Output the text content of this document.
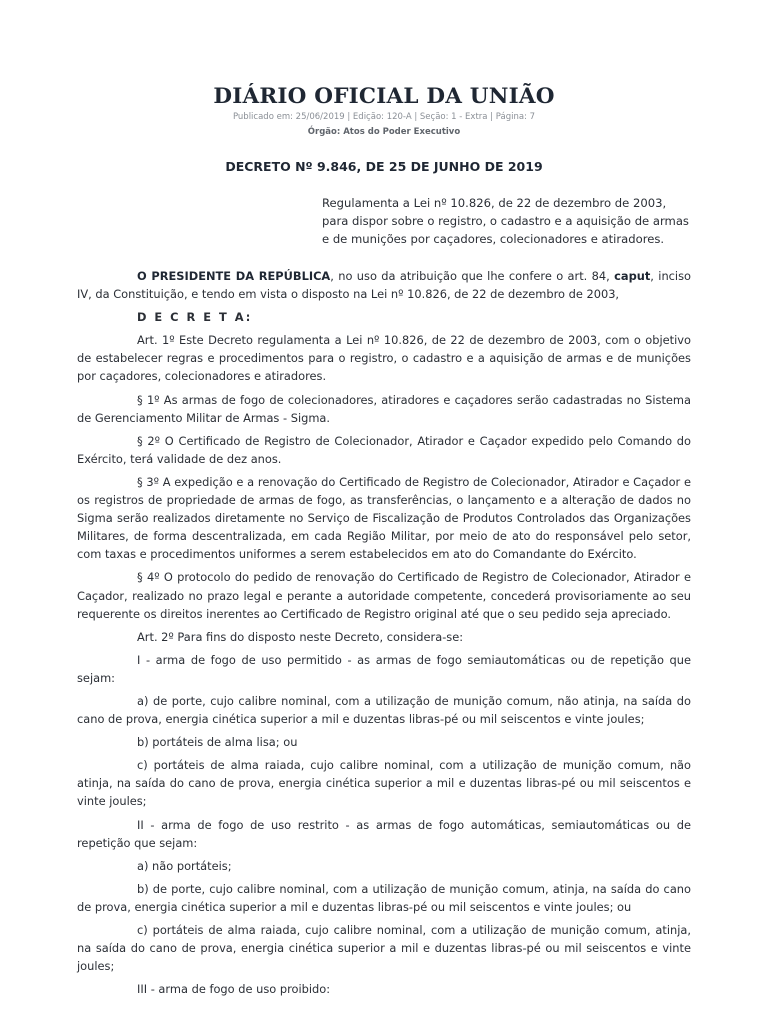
DIÁRIO OFICIAL DA UNIÃO
Publicado em: 25/06/2019 | Edição: 120-A | Seção: 1 - Extra | Página: 7
Órgão: Atos do Poder Executivo
DECRETO Nº 9.846, DE 25 DE JUNHO DE 2019
Regulamenta a Lei nº 10.826, de 22 de dezembro de 2003, para dispor sobre o registro, o cadastro e a aquisição de armas e de munições por caçadores, colecionadores e atiradores.

O PRESIDENTE DA REPÚBLICA, no uso da atribuição que lhe confere o art. 84, caput, inciso IV, da Constituição, e tendo em vista o disposto na Lei nº 10.826, de 22 de dezembro de 2003,

D E C R E T A:

Art. 1º Este Decreto regulamenta a Lei nº 10.826, de 22 de dezembro de 2003, com o objetivo de estabelecer regras e procedimentos para o registro, o cadastro e a aquisição de armas e de munições por caçadores, colecionadores e atiradores.

§ 1º As armas de fogo de colecionadores, atiradores e caçadores serão cadastradas no Sistema de Gerenciamento Militar de Armas - Sigma.

§ 2º O Certificado de Registro de Colecionador, Atirador e Caçador expedido pelo Comando do Exército, terá validade de dez anos.

§ 3º A expedição e a renovação do Certificado de Registro de Colecionador, Atirador e Caçador e os registros de propriedade de armas de fogo, as transferências, o lançamento e a alteração de dados no Sigma serão realizados diretamente no Serviço de Fiscalização de Produtos Controlados das Organizações Militares, de forma descentralizada, em cada Região Militar, por meio de ato do responsável pelo setor, com taxas e procedimentos uniformes a serem estabelecidos em ato do Comandante do Exército.

§ 4º O protocolo do pedido de renovação do Certificado de Registro de Colecionador, Atirador e Caçador, realizado no prazo legal e perante a autoridade competente, concederá provisoriamente ao seu requerente os direitos inerentes ao Certificado de Registro original até que o seu pedido seja apreciado.

Art. 2º Para fins do disposto neste Decreto, considera-se:

I - arma de fogo de uso permitido - as armas de fogo semiautomáticas ou de repetição que sejam:

a) de porte, cujo calibre nominal, com a utilização de munição comum, não atinja, na saída do cano de prova, energia cinética superior a mil e duzentas libras-pé ou mil seiscentos e vinte joules;

b) portáteis de alma lisa; ou

c) portáteis de alma raiada, cujo calibre nominal, com a utilização de munição comum, não atinja, na saída do cano de prova, energia cinética superior a mil e duzentas libras-pé ou mil seiscentos e vinte joules;

II - arma de fogo de uso restrito - as armas de fogo automáticas, semiautomáticas ou de repetição que sejam:

a) não portáteis;

b) de porte, cujo calibre nominal, com a utilização de munição comum, atinja, na saída do cano de prova, energia cinética superior a mil e duzentas libras-pé ou mil seiscentos e vinte joules; ou

c) portáteis de alma raiada, cujo calibre nominal, com a utilização de munição comum, atinja, na saída do cano de prova, energia cinética superior a mil e duzentas libras-pé ou mil seiscentos e vinte joules;

III - arma de fogo de uso proibido:
